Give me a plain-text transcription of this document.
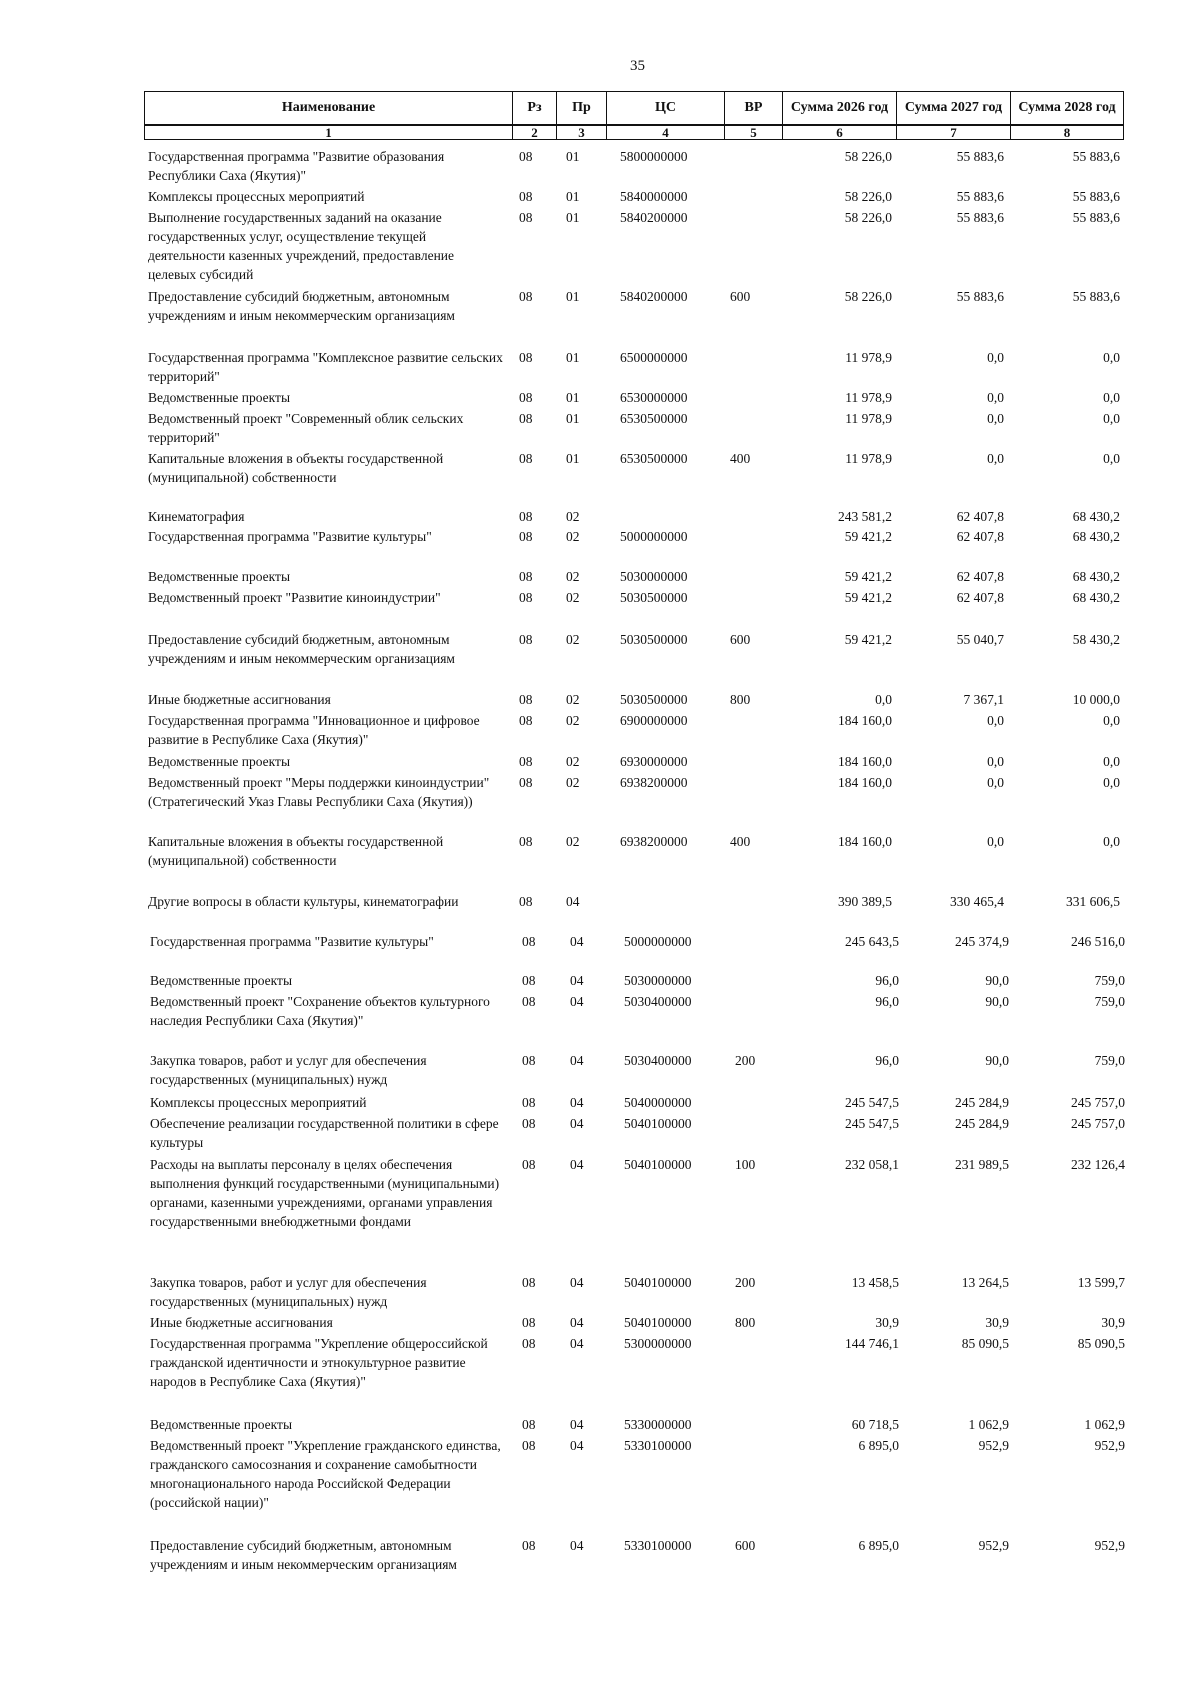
35
Наименование	Рз	Пр	ЦС	ВР	Сумма 2026 год	Сумма 2027 год	Сумма 2028 год
1	2	3	4	5	6	7	8
Государственная программа "Развитие образования Республики Саха (Якутия)"
08 01	5800000000	58 226,0	55 883,6	55 883,6
Комплексы процессных мероприятий	08 01	5840000000	58 226,0	55 883,6	55 883,6
Выполнение государственных заданий на оказание государственных услуг, осуществление текущей деятельности казенных учреждений, предоставление целевых субсидий
08 01	5840200000	58 226,0	55 883,6	55 883,6
Предоставление субсидий бюджетным, автономным учреждениям и иным некоммерческим организациям
08 01	5840200000	600	58 226,0	55 883,6	55 883,6
Государственная программа "Комплексное развитие сельских территорий"
08 01	6500000000	11 978,9	0,0	0,0
Ведомственные проекты	08 01	6530000000	11 978,9	0,0	0,0
Ведомственный проект "Современный облик сельских территорий"
08 01	6530500000	11 978,9	0,0	0,0
Капитальные вложения в объекты государственной (муниципальной) собственности
08 01	6530500000	400	11 978,9	0,0	0,0
Кинематография	08 02	243 581,2	62 407,8	68 430,2
Государственная программа "Развитие культуры"	08 02	5000000000	59 421,2	62 407,8	68 430,2
Ведомственные проекты	08 02	5030000000	59 421,2	62 407,8	68 430,2
Ведомственный проект "Развитие киноиндустрии"	08 02	5030500000	59 421,2	62 407,8	68 430,2
Предоставление субсидий бюджетным, автономным учреждениям и иным некоммерческим организациям
08 02	5030500000	600	59 421,2	55 040,7	58 430,2
Иные бюджетные ассигнования	08 02	5030500000	800	0,0	7 367,1	10 000,0
Государственная программа "Инновационное и цифровое развитие в Республике Саха (Якутия)"
08 02	6900000000	184 160,0	0,0	0,0
Ведомственные проекты	08 02	6930000000	184 160,0	0,0	0,0
Ведомственный проект "Меры поддержки киноиндустрии" (Стратегический Указ Главы Республики Саха (Якутия))
08 02	6938200000	184 160,0	0,0	0,0
Капитальные вложения в объекты государственной (муниципальной) собственности
08 02	6938200000	400	184 160,0	0,0	0,0
Другие вопросы в области культуры, кинематографии	08 04	390 389,5	330 465,4	331 606,5
Государственная программа "Развитие культуры"	08	04	5000000000	245 643,5	245 374,9	246 516,0
Ведомственные проекты	08	04	5030000000	96,0	90,0	759,0
Ведомственный проект "Сохранение объектов культурного наследия Республики Саха (Якутия)"
08	04	5030400000	96,0	90,0	759,0
Закупка товаров, работ и услуг для обеспечения государственных (муниципальных) нужд
08	04	5030400000	200	96,0	90,0	759,0
Комплексы процессных мероприятий	08	04	5040000000	245 547,5	245 284,9	245 757,0
Обеспечение реализации государственной политики в сфере культуры
08	04	5040100000	245 547,5	245 284,9	245 757,0
Расходы на выплаты персоналу в целях обеспечения выполнения функций государственными (муниципальными) органами, казенными учреждениями, органами управления государственными внебюджетными фондами
08	04	5040100000	100	232 058,1	231 989,5	232 126,4
Закупка товаров, работ и услуг для обеспечения государственных (муниципальных) нужд
08	04	5040100000	200	13 458,5	13 264,5	13 599,7
Иные бюджетные ассигнования	08	04	5040100000	800	30,9	30,9	30,9
Государственная программа "Укрепление общероссийской гражданской идентичности и этнокультурное развитие народов в Республике Саха (Якутия)"
08	04	5300000000	144 746,1	85 090,5	85 090,5
Ведомственные проекты	08	04	5330000000	60 718,5	1 062,9	1 062,9
Ведомственный проект "Укрепление гражданского единства, гражданского самосознания и сохранение самобытности многонационального народа Российской Федерации (российской нации)"
08	04	5330100000	6 895,0	952,9	952,9
Предоставление субсидий бюджетным, автономным учреждениям и иным некоммерческим организациям
08	04	5330100000	600	6 895,0	952,9	952,9
